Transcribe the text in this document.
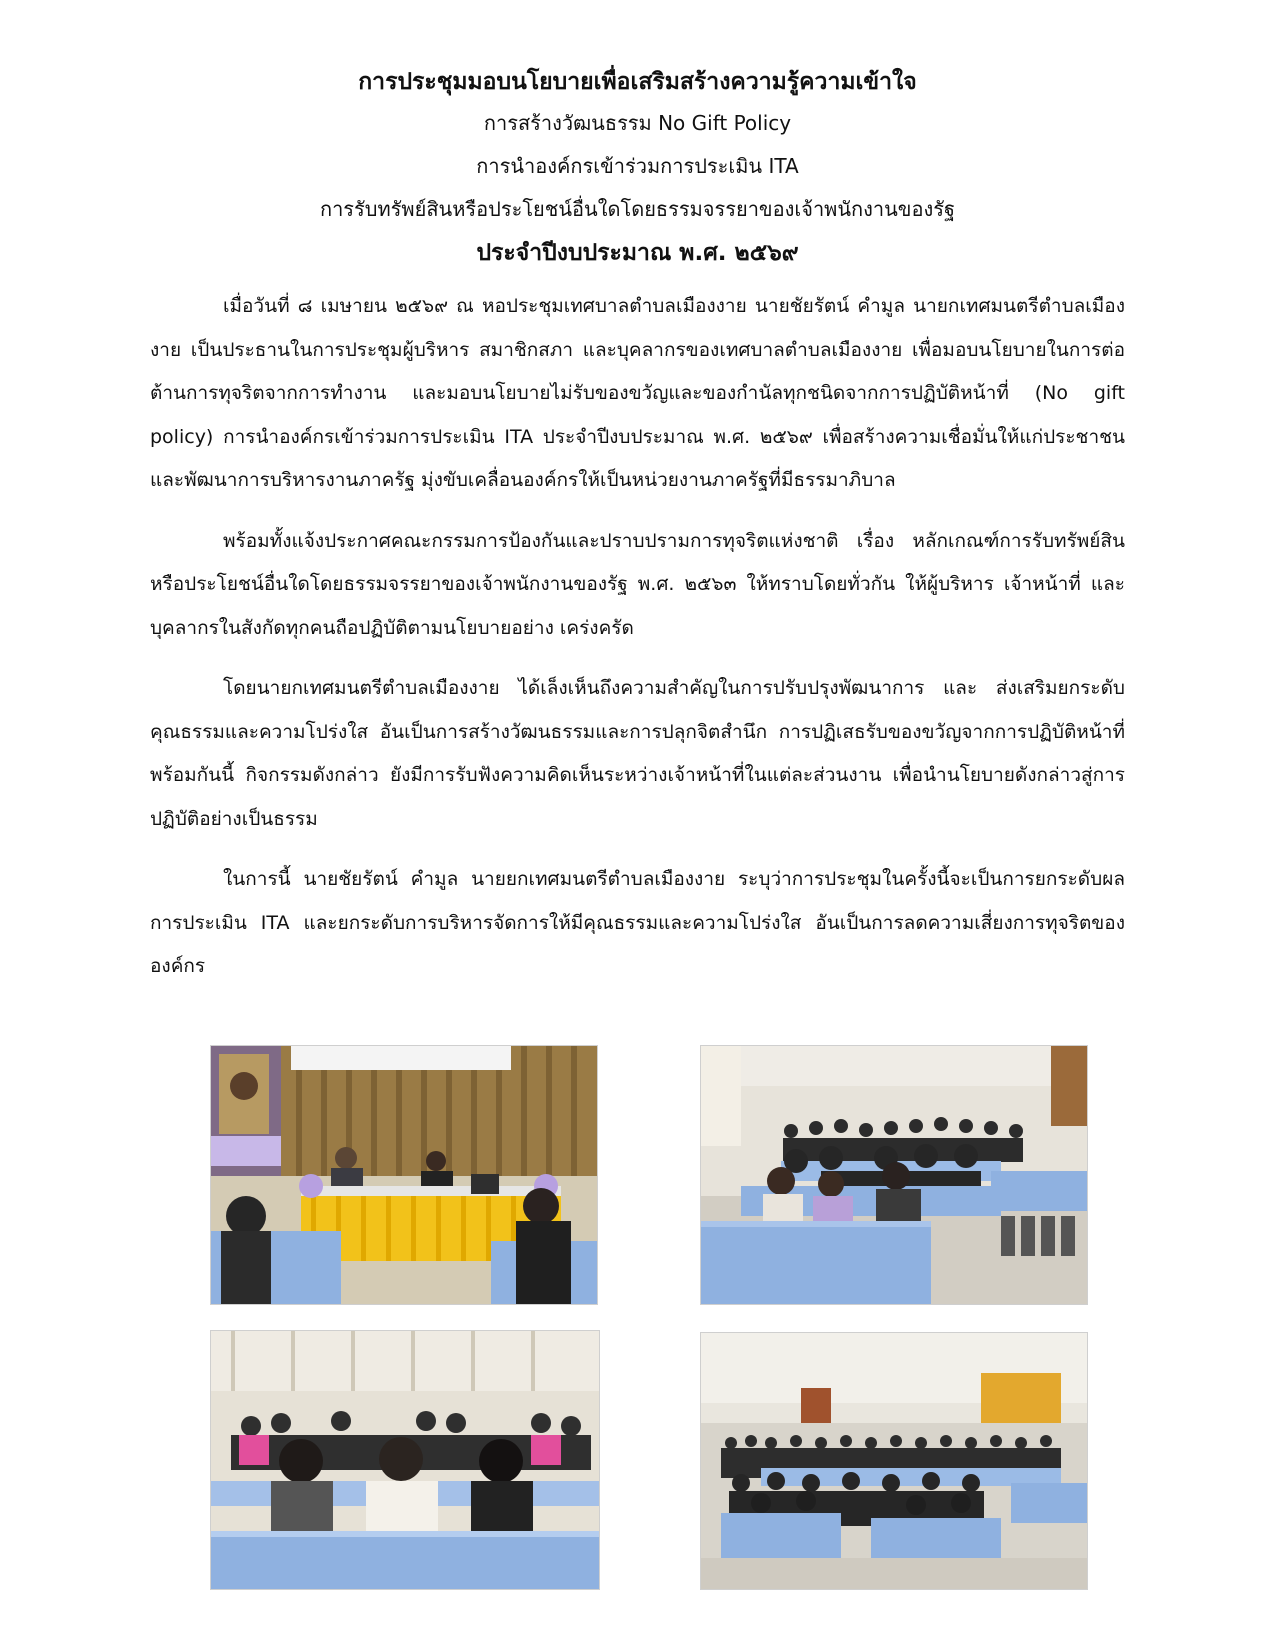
การประชุมมอบนโยบายเพื่อเสริมสร้างความรู้ความเข้าใจ

การสร้างวัฒนธรรม No Gift Policy

การนำองค์กรเข้าร่วมการประเมิน ITA

การรับทรัพย์สินหรือประโยชน์อื่นใดโดยธรรมจรรยาของเจ้าพนักงานของรัฐ

ประจำปีงบประมาณ พ.ศ. ๒๕๖๙

เมื่อวันที่ ๘ เมษายน ๒๕๖๙ ณ หอประชุมเทศบาลตำบลเมืองงาย นายชัยรัตน์ คำมูล นายกเทศมนตรีตำบลเมืองงาย เป็นประธานในการประชุมผู้บริหาร สมาชิกสภา และบุคลากรของเทศบาลตำบลเมืองงาย เพื่อมอบนโยบายในการต่อต้านการทุจริตจากการทำงาน และมอบนโยบายไม่รับของขวัญและของกำนัลทุกชนิดจากการปฏิบัติหน้าที่ (No gift policy) การนำองค์กรเข้าร่วมการประเมิน ITA ประจำปีงบประมาณ พ.ศ. ๒๕๖๙ เพื่อสร้างความเชื่อมั่นให้แก่ประชาชน และพัฒนาการบริหารงานภาครัฐ มุ่งขับเคลื่อนองค์กรให้เป็นหน่วยงานภาครัฐที่มีธรรมาภิบาล

พร้อมทั้งแจ้งประกาศคณะกรรมการป้องกันและปราบปรามการทุจริตแห่งชาติ เรื่อง หลักเกณฑ์การรับทรัพย์สินหรือประโยชน์อื่นใดโดยธรรมจรรยาของเจ้าพนักงานของรัฐ พ.ศ. ๒๕๖๓ ให้ทราบโดยทั่วกัน ให้ผู้บริหาร เจ้าหน้าที่ และบุคลากรในสังกัดทุกคนถือปฏิบัติตามนโยบายอย่าง เคร่งครัด

โดยนายกเทศมนตรีตำบลเมืองงาย ได้เล็งเห็นถึงความสำคัญในการปรับปรุงพัฒนาการ และ ส่งเสริมยกระดับคุณธรรมและความโปร่งใส อันเป็นการสร้างวัฒนธรรมและการปลุกจิตสำนึก การปฏิเสธรับของขวัญจากการปฏิบัติหน้าที่ พร้อมกันนี้ กิจกรรมดังกล่าว ยังมีการรับฟังความคิดเห็นระหว่างเจ้าหน้าที่ในแต่ละส่วนงาน เพื่อนำนโยบายดังกล่าวสู่การปฏิบัติอย่างเป็นธรรม

ในการนี้ นายชัยรัตน์ คำมูล นายยกเทศมนตรีตำบลเมืองงาย ระบุว่าการประชุมในครั้งนี้จะเป็นการยกระดับผลการประเมิน ITA และยกระดับการบริหารจัดการให้มีคุณธรรมและความโปร่งใส อันเป็นการลดความเสี่ยงการทุจริตขององค์กร
